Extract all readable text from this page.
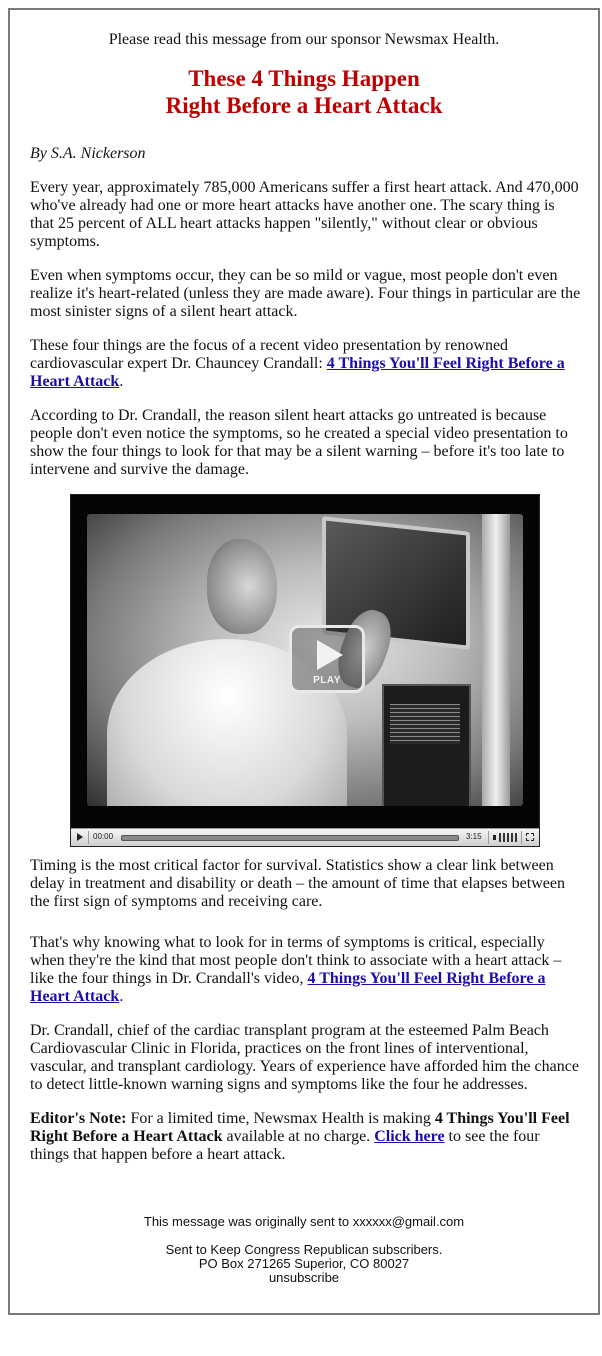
Please read this message from our sponsor Newsmax Health.
These 4 Things Happen
Right Before a Heart Attack
By S.A. Nickerson

Every year, approximately 785,000 Americans suffer a first heart attack. And 470,000 who've already had one or more heart attacks have another one. The scary thing is that 25 percent of ALL heart attacks happen "silently," without clear or obvious symptoms.

Even when symptoms occur, they can be so mild or vague, most people don't even realize it's heart-related (unless they are made aware). Four things in particular are the most sinister signs of a silent heart attack.

These four things are the focus of a recent video presentation by renowned cardiovascular expert Dr. Chauncey Crandall: 4 Things You'll Feel Right Before a Heart Attack.

According to Dr. Crandall, the reason silent heart attacks go untreated is because people don't even notice the symptoms, so he created a special video presentation to show the four things to look for that may be a silent warning – before it's too late to intervene and survive the damage.

PLAY
00:00	3:15

Timing is the most critical factor for survival. Statistics show a clear link between delay in treatment and disability or death – the amount of time that elapses between the first sign of symptoms and receiving care.

That's why knowing what to look for in terms of symptoms is critical, especially when they're the kind that most people don't think to associate with a heart attack – like the four things in Dr. Crandall's video, 4 Things You'll Feel Right Before a Heart Attack.

Dr. Crandall, chief of the cardiac transplant program at the esteemed Palm Beach Cardiovascular Clinic in Florida, practices on the front lines of interventional, vascular, and transplant cardiology. Years of experience have afforded him the chance to detect little-known warning signs and symptoms like the four he addresses.

Editor's Note: For a limited time, Newsmax Health is making 4 Things You'll Feel Right Before a Heart Attack available at no charge. Click here to see the four things that happen before a heart attack.

This message was originally sent to xxxxxx@gmail.com
Sent to Keep Congress Republican subscribers.
PO Box 271265 Superior, CO 80027
unsubscribe
